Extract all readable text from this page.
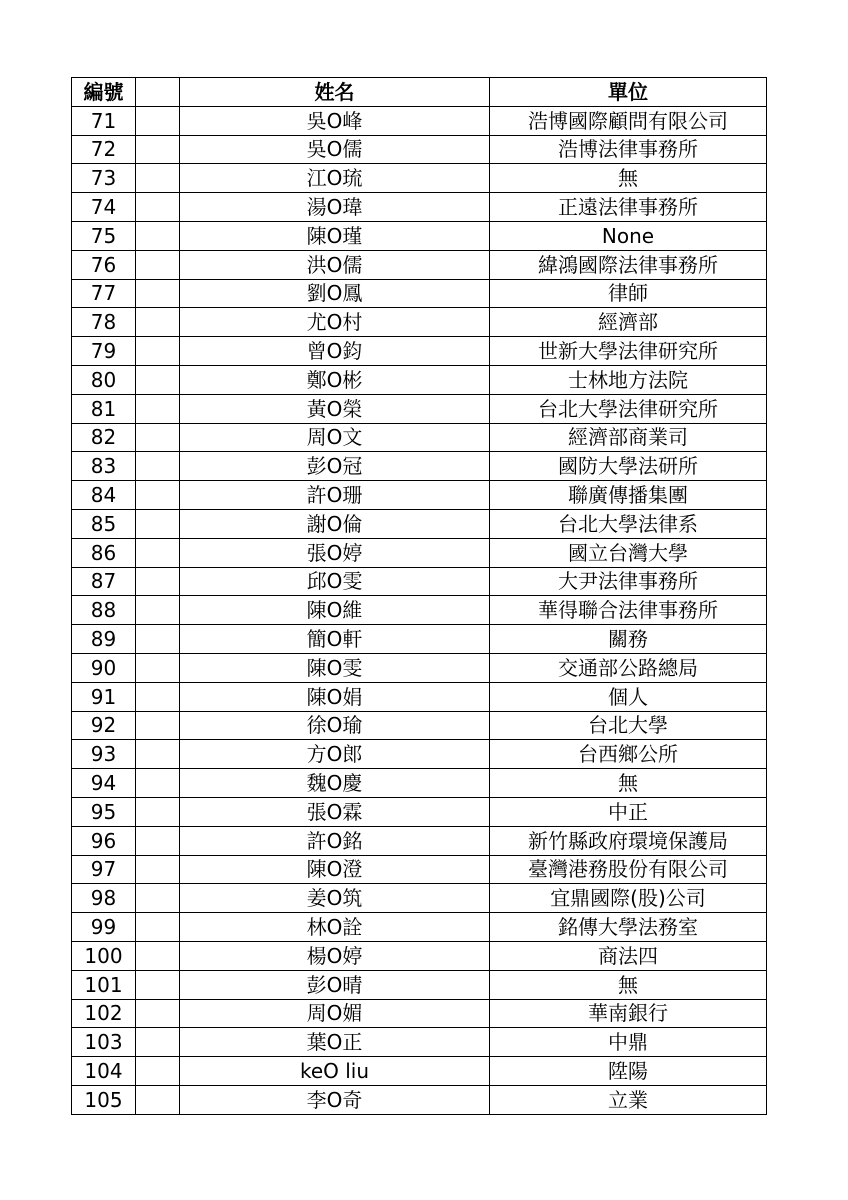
編號		姓名	單位
71		吳O峰	浩博國際顧問有限公司
72		吳O儒	浩博法律事務所
73		江O琉	無
74		湯O瑋	正遠法律事務所
75		陳O瑾	None
76		洪O儒	緯鴻國際法律事務所
77		劉O鳳	律師
78		尤O村	經濟部
79		曾O鈞	世新大學法律研究所
80		鄭O彬	士林地方法院
81		黃O榮	台北大學法律研究所
82		周O文	經濟部商業司
83		彭O冠	國防大學法研所
84		許O珊	聯廣傳播集團
85		謝O倫	台北大學法律系
86		張O婷	國立台灣大學
87		邱O雯	大尹法律事務所
88		陳O維	華得聯合法律事務所
89		簡O軒	關務
90		陳O雯	交通部公路總局
91		陳O娟	個人
92		徐O瑜	台北大學
93		方O郎	台西鄉公所
94		魏O慶	無
95		張O霖	中正
96		許O銘	新竹縣政府環境保護局
97		陳O澄	臺灣港務股份有限公司
98		姜O筑	宜鼎國際(股)公司
99		林O詮	銘傳大學法務室
100		楊O婷	商法四
101		彭O晴	無
102		周O媚	華南銀行
103		葉O正	中鼎
104		keO liu	陞陽
105		李O奇	立業
